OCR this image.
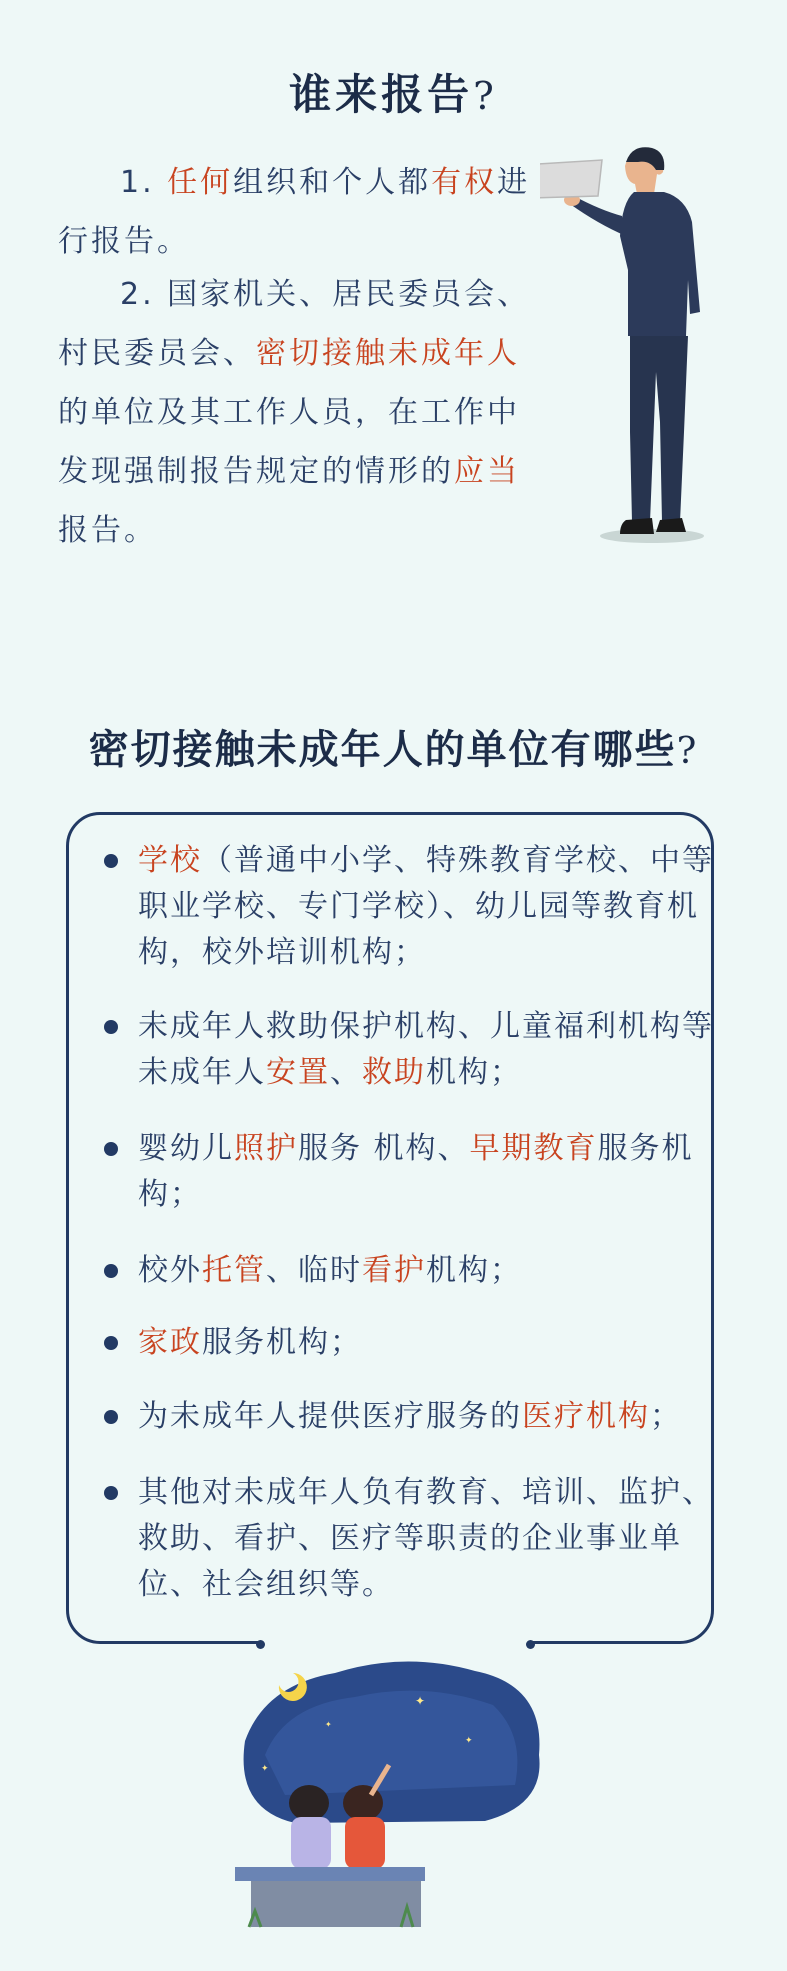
谁来报告?

1. 任何组织和个人都有权进行报告。

2. 国家机关、居民委员会、村民委员会、密切接触未成年人的单位及其工作人员，在工作中发现强制报告规定的情形的应当报告。

密切接触未成年人的单位有哪些?
学校（普通中小学、特殊教育学校、中等职业学校、专门学校）、幼儿园等教育机构，校外培训机构；
未成年人救助保护机构、儿童福利机构等未成年人安置、救助机构；
婴幼儿照护服务 机构、早期教育服务机构；
校外托管、临时看护机构；
家政服务机构；
为未成年人提供医疗服务的医疗机构；
其他对未成年人负有教育、培训、监护、救助、看护、医疗等职责的企业事业单位、社会组织等。
✦
✦
✦
✦
